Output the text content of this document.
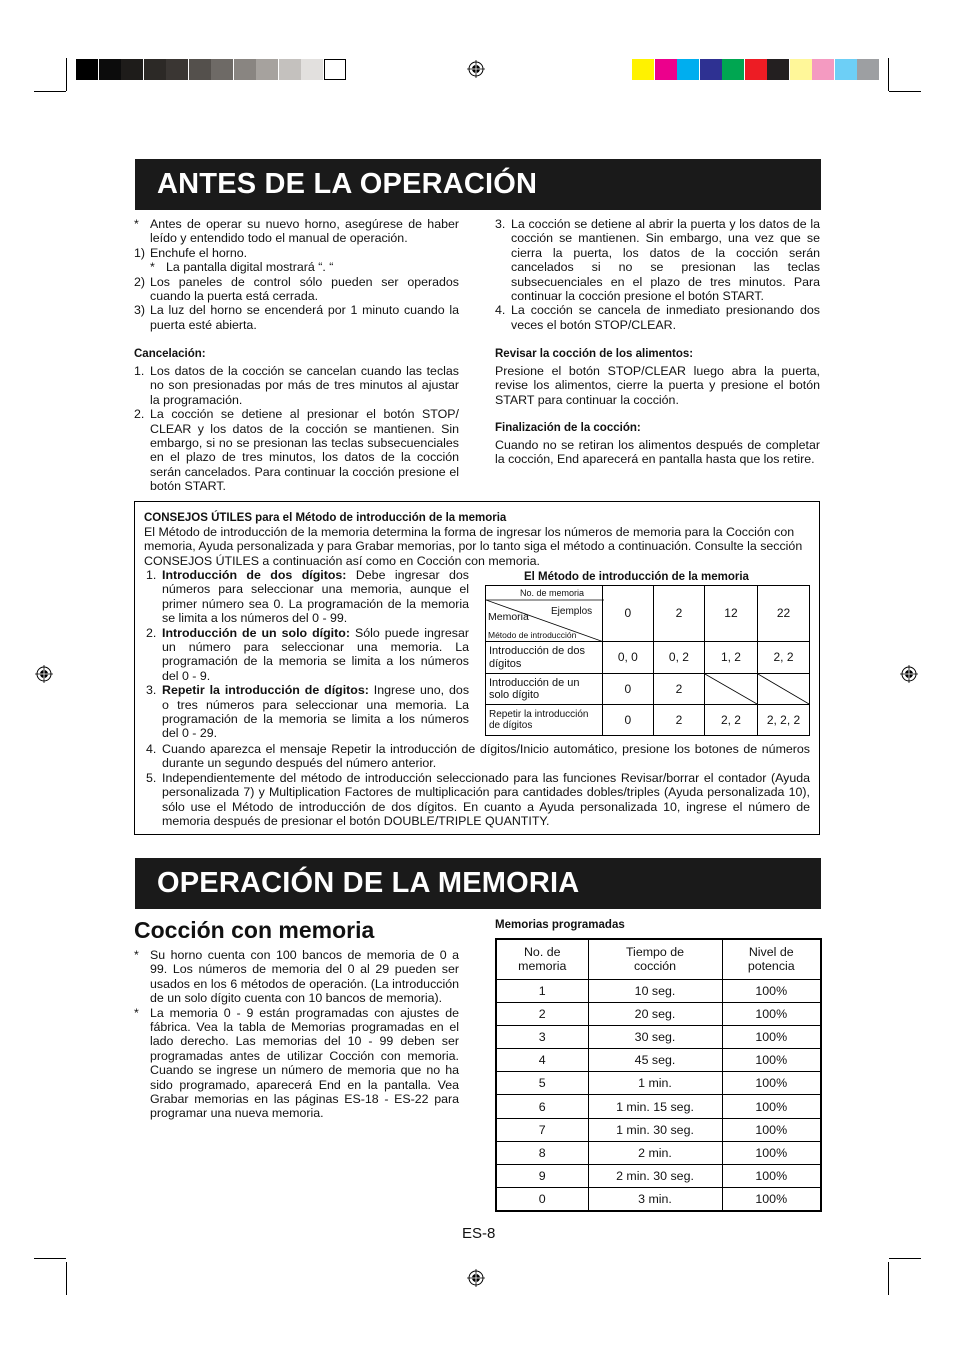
ANTES DE LA OPERACIÓN
* Antes de operar su nuevo horno, asegúrese de haber leído y entendido todo el manual de operación.
1) Enchufe el horno.
* La pantalla digital mostrará “. “
2) Los paneles de control sólo pueden ser operados cuando la puerta está cerrada.
3) La luz del horno se encenderá por 1 minuto cuando la puerta esté abierta.
Cancelación:
1. Los datos de la cocción se cancelan cuando las teclas no son presionadas por más de tres minutos al ajustar la programación.
2. La cocción se detiene al presionar el botón STOP/ CLEAR y los datos de la cocción se mantienen. Sin embargo, si no se presionan las teclas subsecuenciales en el plazo de tres minutos, los datos de la cocción serán cancelados. Para continuar la cocción presione el botón START.
3. La cocción se detiene al abrir la puerta y los datos de la cocción se mantienen. Sin embargo, una vez que se cierra la puerta, los datos de la cocción serán cancelados si no se presionan las teclas subsecuenciales en el plazo de tres minutos. Para continuar la cocción presione el botón START.
4. La cocción se cancela de inmediato presionando dos veces el botón STOP/CLEAR.
Revisar la cocción de los alimentos:
Presione el botón STOP/CLEAR luego abra la puerta, revise los alimentos, cierre la puerta y presione el botón START para continuar la cocción.
Finalización de la cocción:
Cuando no se retiran los alimentos después de completar la cocción, End aparecerá en pantalla hasta que los retire.
CONSEJOS ÚTILES para el Método de introducción de la memoria
El Método de introducción de la memoria determina la forma de ingresar los números de memoria para la Cocción con memoria, Ayuda personalizada y para Grabar memorias, por lo tanto siga el método a continuación. Consulte la sección CONSEJOS ÚTILES a continuación así como en Cocción con memoria.
1. Introducción de dos dígitos: Debe ingresar dos números para seleccionar una memoria, aunque el primer número sea 0. La programación de la memoria se limita a los números del 0 - 99.
2. Introducción de un solo dígito: Sólo puede ingresar un número para seleccionar una memoria. La programación de la memoria se limita a los números del 0 - 9.
3. Repetir la introducción de dígitos: Ingrese uno, dos o tres números para seleccionar una memoria. La programación de la memoria se limita a los números del 0 - 29.
4. Cuando aparezca el mensaje Repetir la introducción de dígitos/Inicio automático, presione los botones de números durante un segundo después del número anterior.
5. Independientemente del método de introducción seleccionado para las funciones Revisar/borrar el contador (Ayuda personalizada 7) y Multiplication Factores de multiplicación para cantidades dobles/triples (Ayuda personalizada 10), sólo use el Método de introducción de dos dígitos. En cuanto a Ayuda personalizada 10, ingrese el número de memoria después de presionar el botón DOUBLE/TRIPLE QUANTITY.
El Método de introducción de la memoria
No. de memoria
Memoria Ejemplos
Método de introducción	0	2	12	22
Introducción de dos dígitos	0, 0	0, 2	1, 2	2, 2
Introducción de un solo dígito	0	2	

Repetir la introducción de dígitos	0	2	2, 2	2, 2, 2
OPERACIÓN DE LA MEMORIA
Cocción con memoria
* Su horno cuenta con 100 bancos de memoria de 0 a 99. Los números de memoria del 0 al 29 pueden ser usados en los 6 métodos de operación. (La introducción de un solo dígito cuenta con 10 bancos de memoria).
* La memoria 0 - 9 están programadas con ajustes de fábrica. Vea la tabla de Memorias programadas en el lado derecho. Las memorias del 10 - 99 deben ser programadas antes de utilizar Cocción con memoria. Cuando se ingrese un número de memoria que no ha sido programado, aparecerá End en la pantalla. Vea Grabar memorias en las páginas ES-18 - ES-22 para programar una nueva memoria.
Memorias programadas
No. de memoria	Tiempo de cocción	Nivel de potencia
1	10 seg.	100%
2	20 seg.	100%
3	30 seg.	100%
4	45 seg.	100%
5	1 min.	100%
6	1 min. 15 seg.	100%
7	1 min. 30 seg.	100%
8	2 min.	100%
9	2 min. 30 seg.	100%
0	3 min.	100%
ES-8
